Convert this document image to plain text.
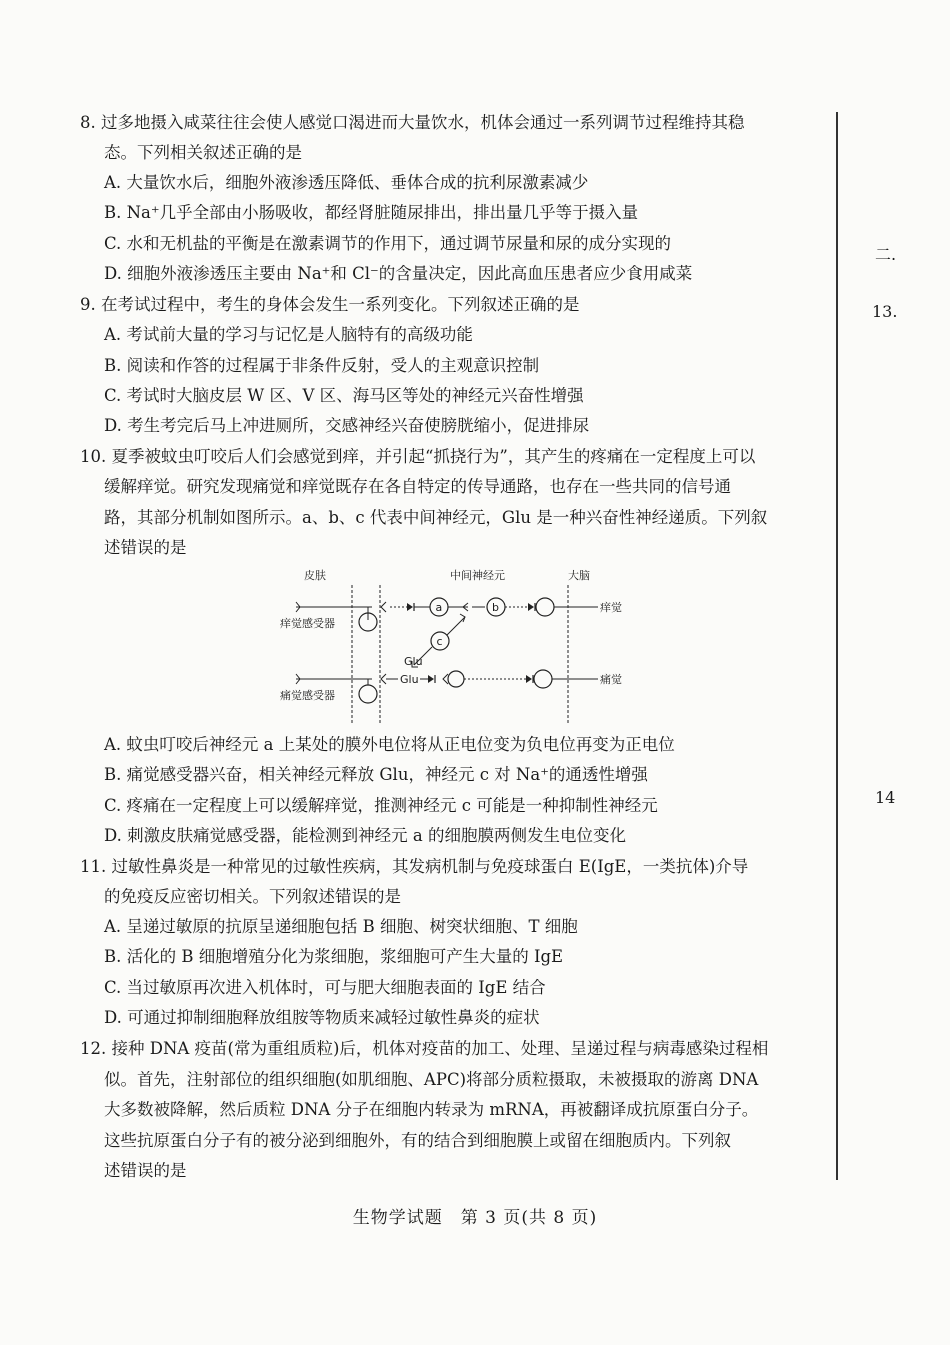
8. 过多地摄入咸菜往往会使人感觉口渴进而大量饮水，机体会通过一系列调节过程维持其稳
态。下列相关叙述正确的是
A. 大量饮水后，细胞外液渗透压降低、垂体合成的抗利尿激素减少
B. Na⁺几乎全部由小肠吸收，都经肾脏随尿排出，排出量几乎等于摄入量
C. 水和无机盐的平衡是在激素调节的作用下，通过调节尿量和尿的成分实现的
D. 细胞外液渗透压主要由 Na⁺和 Cl⁻的含量决定，因此高血压患者应少食用咸菜
9. 在考试过程中，考生的身体会发生一系列变化。下列叙述正确的是
A. 考试前大量的学习与记忆是人脑特有的高级功能
B. 阅读和作答的过程属于非条件反射，受人的主观意识控制
C. 考试时大脑皮层 W 区、V 区、海马区等处的神经元兴奋性增强
D. 考生考完后马上冲进厕所，交感神经兴奋使膀胱缩小，促进排尿
10. 夏季被蚊虫叮咬后人们会感觉到痒，并引起“抓挠行为”，其产生的疼痛在一定程度上可以
缓解痒觉。研究发现痛觉和痒觉既存在各自特定的传导通路，也存在一些共同的信号通
路，其部分机制如图所示。a、b、c 代表中间神经元，Glu 是一种兴奋性神经递质。下列叙
述错误的是
皮肤	中间神经元	大脑
痒觉感受器
a	b	痒觉
c
Glu
Glu
痛觉感受器
痛觉
A. 蚊虫叮咬后神经元 a 上某处的膜外电位将从正电位变为负电位再变为正电位
B. 痛觉感受器兴奋，相关神经元释放 Glu，神经元 c 对 Na⁺的通透性增强
C. 疼痛在一定程度上可以缓解痒觉，推测神经元 c 可能是一种抑制性神经元
D. 刺激皮肤痛觉感受器，能检测到神经元 a 的细胞膜两侧发生电位变化
11. 过敏性鼻炎是一种常见的过敏性疾病，其发病机制与免疫球蛋白 E(IgE，一类抗体)介导
的免疫反应密切相关。下列叙述错误的是
A. 呈递过敏原的抗原呈递细胞包括 B 细胞、树突状细胞、T 细胞
B. 活化的 B 细胞增殖分化为浆细胞，浆细胞可产生大量的 IgE
C. 当过敏原再次进入机体时，可与肥大细胞表面的 IgE 结合
D. 可通过抑制细胞释放组胺等物质来减轻过敏性鼻炎的症状
12. 接种 DNA 疫苗(常为重组质粒)后，机体对疫苗的加工、处理、呈递过程与病毒感染过程相
似。首先，注射部位的组织细胞(如肌细胞、APC)将部分质粒摄取，未被摄取的游离 DNA
大多数被降解，然后质粒 DNA 分子在细胞内转录为 mRNA，再被翻译成抗原蛋白分子。
这些抗原蛋白分子有的被分泌到细胞外，有的结合到细胞膜上或留在细胞质内。下列叙
述错误的是
二.
13.
14
生物学试题　第 3 页(共 8 页)
